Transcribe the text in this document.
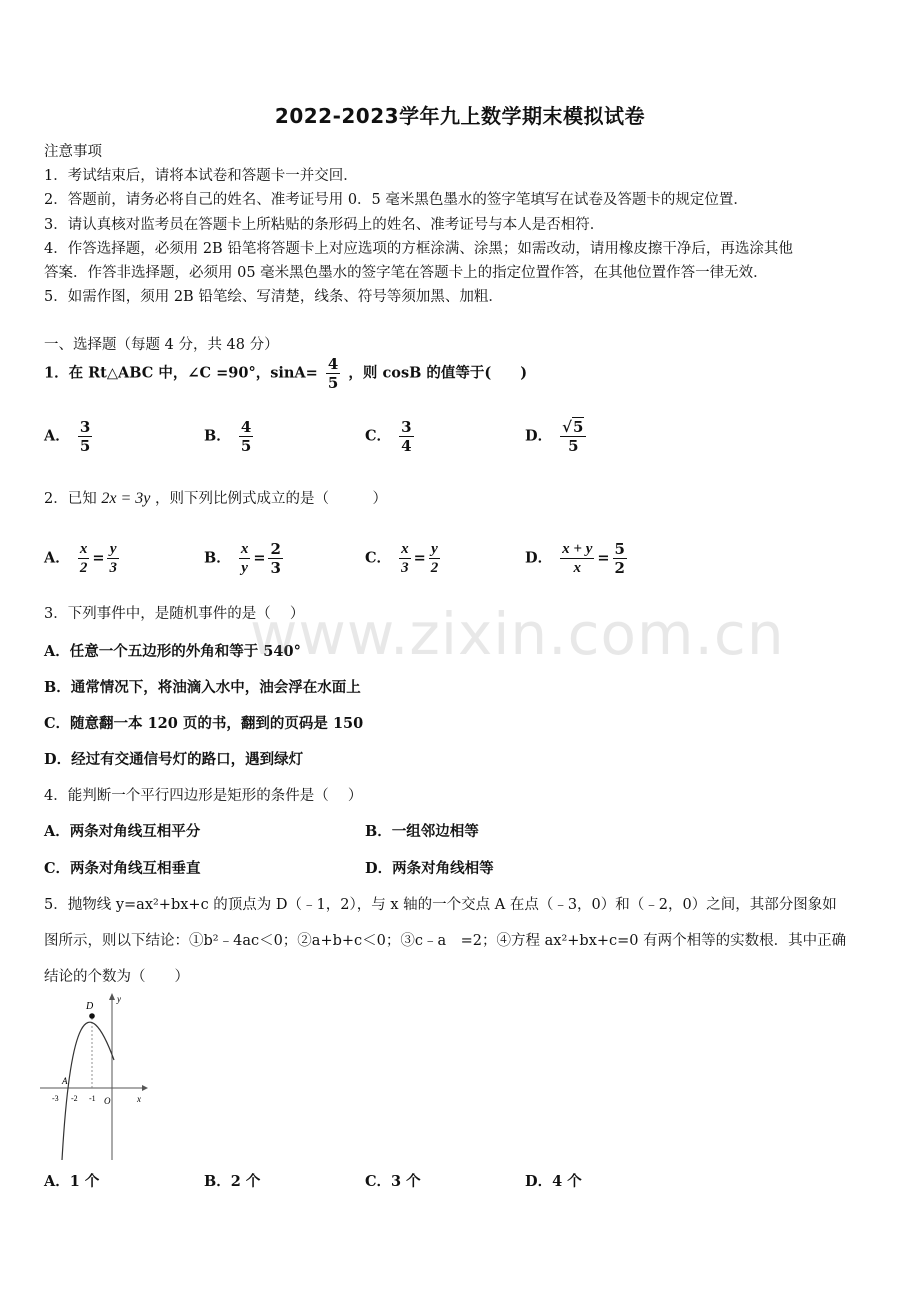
2022-2023学年九上数学期末模拟试卷
注意事项
1．考试结束后，请将本试卷和答题卡一并交回．
2．答题前，请务必将自己的姓名、准考证号用 0．5 毫米黑色墨水的签字笔填写在试卷及答题卡的规定位置．
3．请认真核对监考员在答题卡上所粘贴的条形码上的姓名、准考证号与本人是否相符．
4．作答选择题，必须用 2B 铅笔将答题卡上对应选项的方框涂满、涂黑；如需改动，请用橡皮擦干净后，再选涂其他
答案．作答非选择题，必须用 05 毫米黑色墨水的签字笔在答题卡上的指定位置作答，在其他位置作答一律无效．
5．如需作图，须用 2B 铅笔绘、写清楚，线条、符号等须加黑、加粗．
一、选择题（每题 4 分，共 48 分）
1．在 Rt△ABC 中，∠C =90°，$\sin A= \frac{4}{5}$ ，则 cosB 的值等于(　　)
A． $\frac{3}{5}$	B． $\frac{4}{5}$	C． $\frac{3}{4}$	D． $\frac{√5}{5}$
2．已知 2x = 3y ，则下列比例式成立的是（　　　）
A． $\frac{x}{2} = \frac{y}{3}$	B． $\frac{x}{y} = \frac{2}{3}$	C． $\frac{x}{3} = \frac{y}{2}$	D． $\frac{x + y}{x} = \frac{5}{2}$
3．下列事件中，是随机事件的是（　 ）
A．任意一个五边形的外角和等于 540°
B．通常情况下，将油滴入水中，油会浮在水面上
C．随意翻一本 120 页的书，翻到的页码是 150
D．经过有交通信号灯的路口，遇到绿灯
4．能判断一个平行四边形是矩形的条件是（　 ）
A．两条对角线互相平分	B．一组邻边相等
C．两条对角线互相垂直	D．两条对角线相等
5．抛物线 y=ax²+bx+c 的顶点为 D（﹣1，2），与 x 轴的一个交点 A 在点（﹣3，0）和（﹣2，0）之间，其部分图象如
图所示，则以下结论：①b²﹣4ac＜0；②a+b+c＜0；③c﹣a　=2；④方程 ax²+bx+c=0 有两个相等的实数根．其中正确
结论的个数为（　　）
D
A
y
x
-3 -2 -1 O
A．1 个	B．2 个	C．3 个	D．4 个
www.zixin.com.cn
